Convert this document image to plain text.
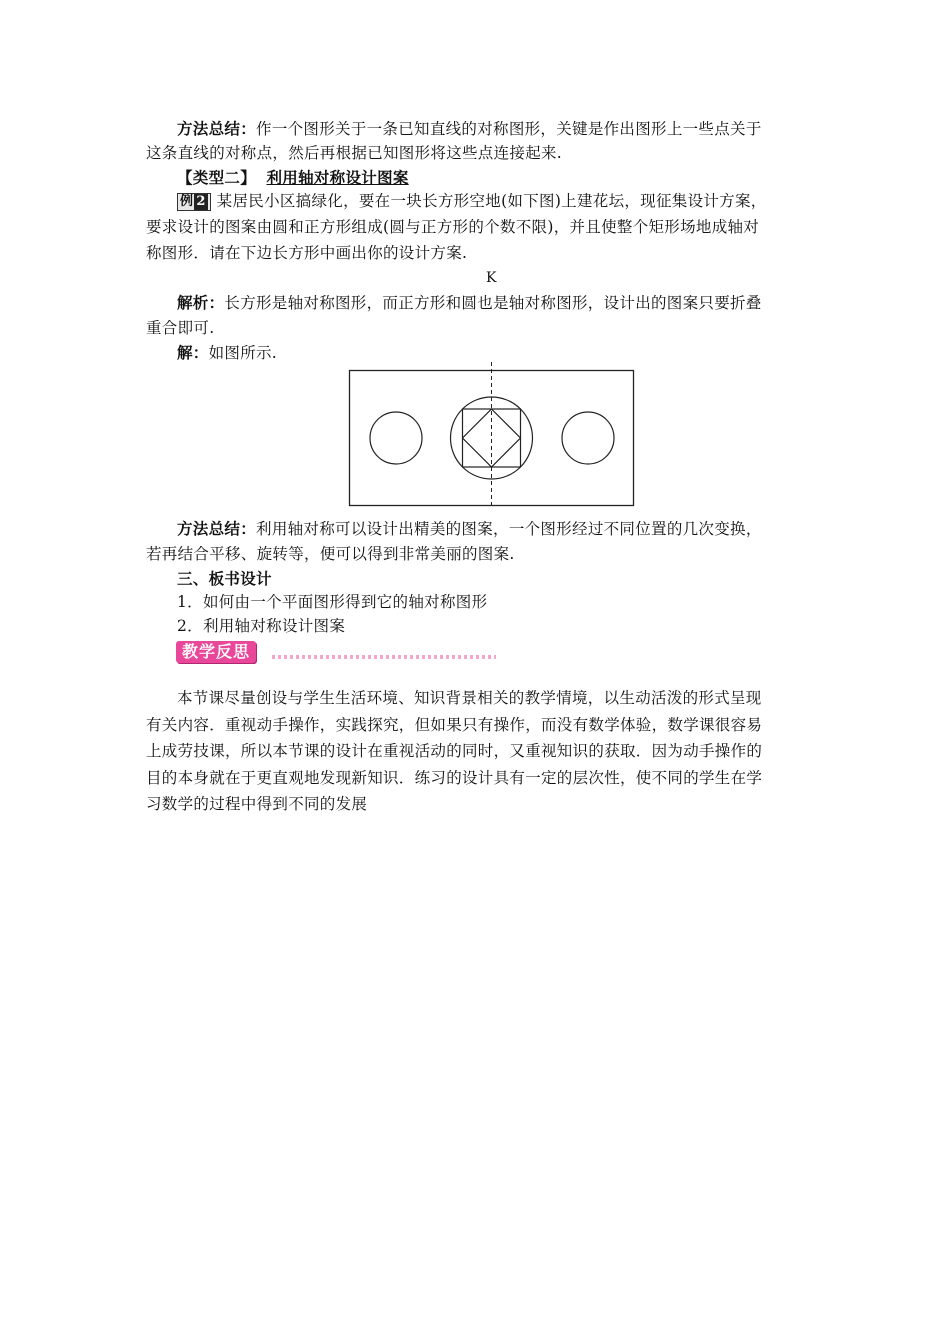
方法总结：作一个图形关于一条已知直线的对称图形，关键是作出图形上一些点关于
这条直线的对称点，然后再根据已知图形将这些点连接起来.
【类型二】 利用轴对称设计图案
例 2 某居民小区搞绿化，要在一块长方形空地(如下图)上建花坛，现征集设计方案，
要求设计的图案由圆和正方形组成(圆与正方形的个数不限)，并且使整个矩形场地成轴对
称图形．请在下边长方形中画出你的设计方案.
K
解析：长方形是轴对称图形，而正方形和圆也是轴对称图形，设计出的图案只要折叠
重合即可.
解：如图所示.
方法总结：利用轴对称可以设计出精美的图案，一个图形经过不同位置的几次变换，
若再结合平移、旋转等，便可以得到非常美丽的图案.
三、板书设计
1．如何由一个平面图形得到它的轴对称图形
2．利用轴对称设计图案
教学反思
本节课尽量创设与学生生活环境、知识背景相关的教学情境，以生动活泼的形式呈现
有关内容．重视动手操作，实践探究，但如果只有操作，而没有数学体验，数学课很容易
上成劳技课，所以本节课的设计在重视活动的同时，又重视知识的获取．因为动手操作的
目的本身就在于更直观地发现新知识．练习的设计具有一定的层次性，使不同的学生在学
习数学的过程中得到不同的发展
